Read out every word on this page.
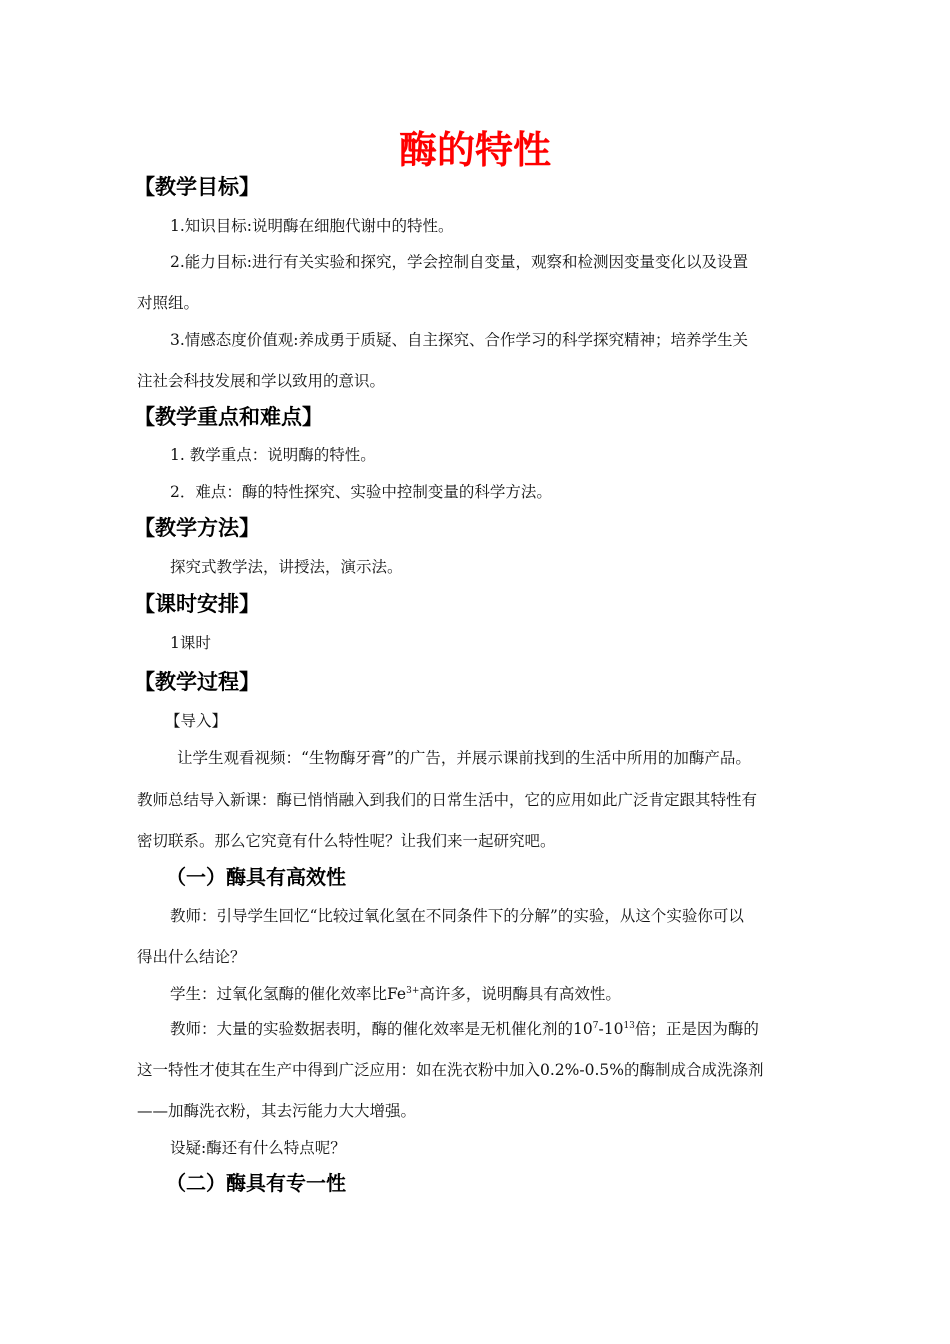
酶的特性
【教学目标】
1.知识目标:说明酶在细胞代谢中的特性。
2.能力目标:进行有关实验和探究，学会控制自变量，观察和检测因变量变化以及设置
对照组。
3.情感态度价值观:养成勇于质疑、自主探究、合作学习的科学探究精神；培养学生关
注社会科技发展和学以致用的意识。
【教学重点和难点】
1. 教学重点：说明酶的特性。
2．难点：酶的特性探究、实验中控制变量的科学方法。
【教学方法】
探究式教学法，讲授法，演示法。
【课时安排】
1课时
【教学过程】
【导入】
让学生观看视频：“生物酶牙膏”的广告，并展示课前找到的生活中所用的加酶产品。
教师总结导入新课：酶已悄悄融入到我们的日常生活中，它的应用如此广泛肯定跟其特性有
密切联系。那么它究竟有什么特性呢？让我们来一起研究吧。
（一）酶具有高效性
教师：引导学生回忆“比较过氧化氢在不同条件下的分解”的实验，从这个实验你可以
得出什么结论？
学生：过氧化氢酶的催化效率比$Fe^{3+}$高许多，说明酶具有高效性。
教师：大量的实验数据表明，酶的催化效率是无机催化剂的$10^7-10^{13}$倍；正是因为酶的
这一特性才使其在生产中得到广泛应用：如在洗衣粉中加入0.2%-0.5%的酶制成合成洗涤剂
——加酶洗衣粉，其去污能力大大增强。
设疑:酶还有什么特点呢？
（二）酶具有专一性
